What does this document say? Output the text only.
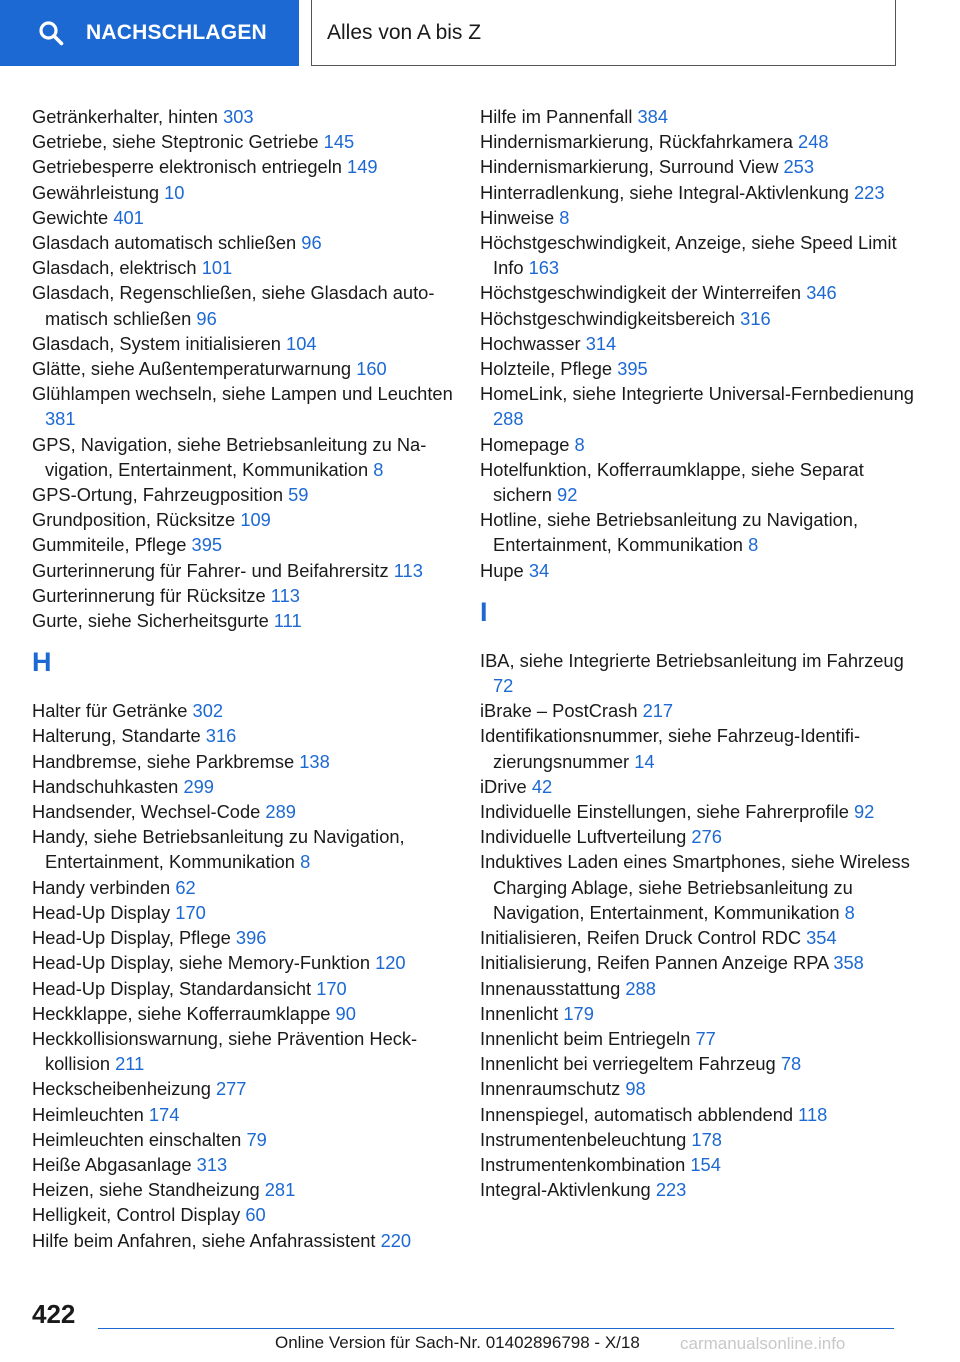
NACHSCHLAGEN	Alles von A bis Z
Getränkerhalter, hinten 303
Getriebe, siehe Steptronic Getriebe 145
Getriebesperre elektronisch entriegeln 149
Gewährleistung 10
Gewichte 401
Glasdach automatisch schließen 96
Glasdach, elektrisch 101
Glasdach, Regenschließen, siehe Glasdach automatisch schließen 96
Glasdach, System initialisieren 104
Glätte, siehe Außentemperaturwarnung 160
Glühlampen wechseln, siehe Lampen und Leuchten 381
GPS, Navigation, siehe Betriebsanleitung zu Navigation, Entertainment, Kommunikation 8
GPS-Ortung, Fahrzeugposition 59
Grundposition, Rücksitze 109
Gummiteile, Pflege 395
Gurterinnerung für Fahrer- und Beifahrersitz 113
Gurterinnerung für Rücksitze 113
Gurte, siehe Sicherheitsgurte 111
H
Halter für Getränke 302
Halterung, Standarte 316
Handbremse, siehe Parkbremse 138
Handschuhkasten 299
Handsender, Wechsel-Code 289
Handy, siehe Betriebsanleitung zu Navigation, Entertainment, Kommunikation 8
Handy verbinden 62
Head-Up Display 170
Head-Up Display, Pflege 396
Head-Up Display, siehe Memory-Funktion 120
Head-Up Display, Standardansicht 170
Heckklappe, siehe Kofferraumklappe 90
Heckkollisionswarnung, siehe Prävention Heckkollision 211
Heckscheibenheizung 277
Heimleuchten 174
Heimleuchten einschalten 79
Heiße Abgasanlage 313
Heizen, siehe Standheizung 281
Helligkeit, Control Display 60
Hilfe beim Anfahren, siehe Anfahrassistent 220
Hilfe im Pannenfall 384
Hindernismarkierung, Rückfahrkamera 248
Hindernismarkierung, Surround View 253
Hinterradlenkung, siehe Integral-Aktivlenkung 223
Hinweise 8
Höchstgeschwindigkeit, Anzeige, siehe Speed Limit Info 163
Höchstgeschwindigkeit der Winterreifen 346
Höchstgeschwindigkeitsbereich 316
Hochwasser 314
Holzteile, Pflege 395
HomeLink, siehe Integrierte Universal-Fernbedienung 288
Homepage 8
Hotelfunktion, Kofferraumklappe, siehe Separat sichern 92
Hotline, siehe Betriebsanleitung zu Navigation, Entertainment, Kommunikation 8
Hupe 34
I
IBA, siehe Integrierte Betriebsanleitung im Fahrzeug 72
iBrake – PostCrash 217
Identifikationsnummer, siehe Fahrzeug-Identifizierungsnummer 14
iDrive 42
Individuelle Einstellungen, siehe Fahrerprofile 92
Individuelle Luftverteilung 276
Induktives Laden eines Smartphones, siehe Wireless Charging Ablage, siehe Betriebsanleitung zu Navigation, Entertainment, Kommunikation 8
Initialisieren, Reifen Druck Control RDC 354
Initialisierung, Reifen Pannen Anzeige RPA 358
Innenausstattung 288
Innenlicht 179
Innenlicht beim Entriegeln 77
Innenlicht bei verriegeltem Fahrzeug 78
Innenraumschutz 98
Innenspiegel, automatisch abblendend 118
Instrumentenbeleuchtung 178
Instrumentenkombination 154
Integral-Aktivlenkung 223
422
Online Version für Sach-Nr. 01402896798 - X/18 carmanualsonline.info
